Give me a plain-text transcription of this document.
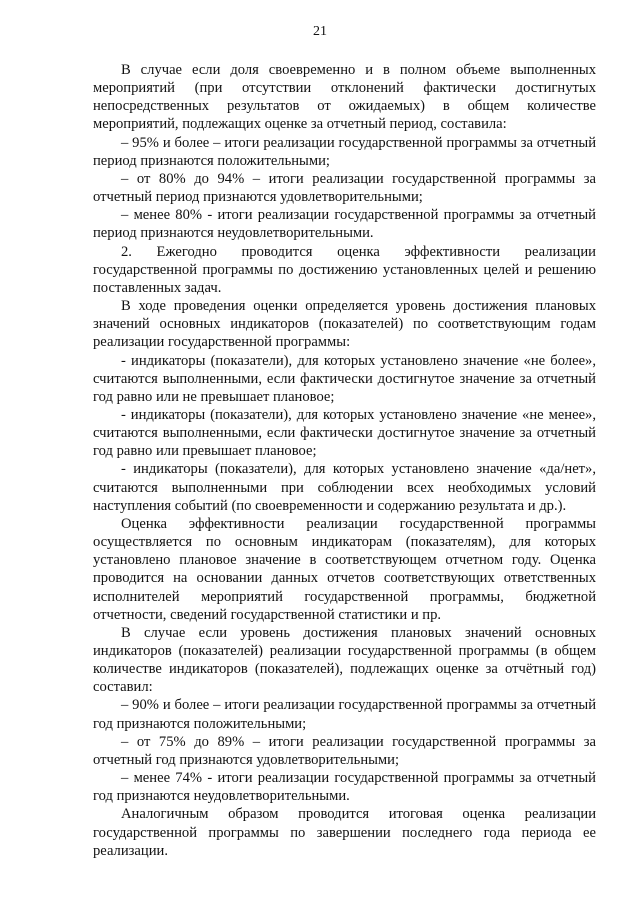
21

В случае если доля своевременно и в полном объеме выполненных мероприятий (при отсутствии отклонений фактически достигнутых непосредственных результатов от ожидаемых) в общем количестве мероприятий, подлежащих оценке за отчетный период, составила:

– 95% и более – итоги реализации государственной программы за отчетный период признаются положительными;

– от 80% до 94% – итоги реализации государственной программы за отчетный период признаются удовлетворительными;

– менее 80% - итоги реализации государственной программы за отчетный период признаются неудовлетворительными.

2. Ежегодно проводится оценка эффективности реализации государственной программы по достижению установленных целей и решению поставленных задач.

В ходе проведения оценки определяется уровень достижения плановых значений основных индикаторов (показателей) по соответствующим годам реализации государственной программы:

- индикаторы (показатели), для которых установлено значение «не более», считаются выполненными, если фактически достигнутое значение за отчетный год равно или не превышает плановое;

- индикаторы (показатели), для которых установлено значение «не менее», считаются выполненными, если фактически достигнутое значение за отчетный год равно или превышает плановое;

- индикаторы (показатели), для которых установлено значение «да/нет», считаются выполненными при соблюдении всех необходимых условий наступления событий (по своевременности и содержанию результата и др.).

Оценка эффективности реализации государственной программы осуществляется по основным индикаторам (показателям), для которых установлено плановое значение в соответствующем отчетном году. Оценка проводится на основании данных отчетов соответствующих ответственных исполнителей мероприятий государственной программы, бюджетной отчетности, сведений государственной статистики и пр.

В случае если уровень достижения плановых значений основных индикаторов (показателей) реализации государственной программы (в общем количестве индикаторов (показателей), подлежащих оценке за отчётный год) составил:

– 90% и более – итоги реализации государственной программы за отчетный год признаются положительными;

– от 75% до 89% – итоги реализации государственной программы за отчетный год признаются удовлетворительными;

– менее 74% - итоги реализации государственной программы за отчетный год признаются неудовлетворительными.

Аналогичным образом проводится итоговая оценка реализации государственной программы по завершении последнего года периода ее реализации.
